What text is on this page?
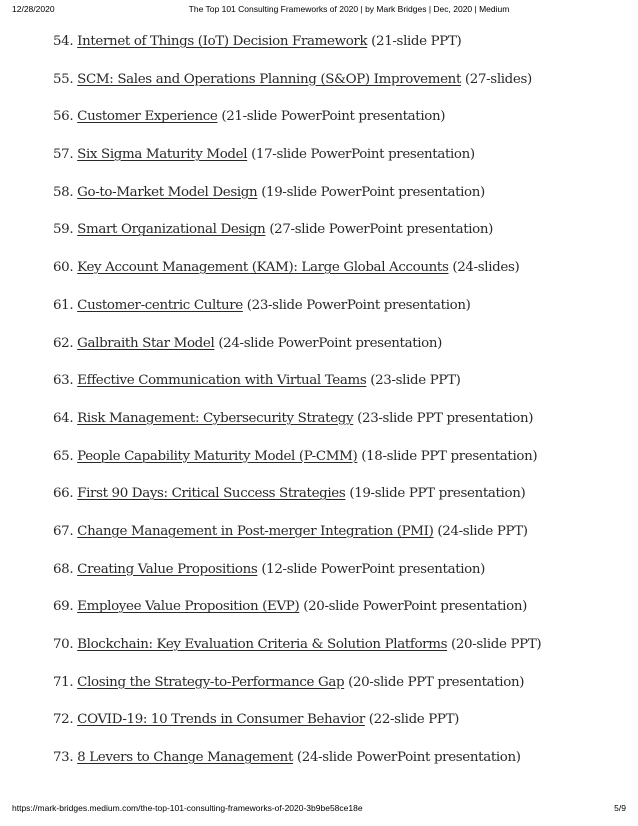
12/28/2020	The Top 101 Consulting Frameworks of 2020 | by Mark Bridges | Dec, 2020 | Medium
54. Internet of Things (IoT) Decision Framework (21-slide PPT)
55. SCM: Sales and Operations Planning (S&OP) Improvement (27-slides)
56. Customer Experience (21-slide PowerPoint presentation)
57. Six Sigma Maturity Model (17-slide PowerPoint presentation)
58. Go-to-Market Model Design (19-slide PowerPoint presentation)
59. Smart Organizational Design (27-slide PowerPoint presentation)
60. Key Account Management (KAM): Large Global Accounts (24-slides)
61. Customer-centric Culture (23-slide PowerPoint presentation)
62. Galbraith Star Model (24-slide PowerPoint presentation)
63. Effective Communication with Virtual Teams (23-slide PPT)
64. Risk Management: Cybersecurity Strategy (23-slide PPT presentation)
65. People Capability Maturity Model (P-CMM) (18-slide PPT presentation)
66. First 90 Days: Critical Success Strategies (19-slide PPT presentation)
67. Change Management in Post-merger Integration (PMI) (24-slide PPT)
68. Creating Value Propositions (12-slide PowerPoint presentation)
69. Employee Value Proposition (EVP) (20-slide PowerPoint presentation)
70. Blockchain: Key Evaluation Criteria & Solution Platforms (20-slide PPT)
71. Closing the Strategy-to-Performance Gap (20-slide PPT presentation)
72. COVID-19: 10 Trends in Consumer Behavior (22-slide PPT)
73. 8 Levers to Change Management (24-slide PowerPoint presentation)
https://mark-bridges.medium.com/the-top-101-consulting-frameworks-of-2020-3b9be58ce18e	5/9
